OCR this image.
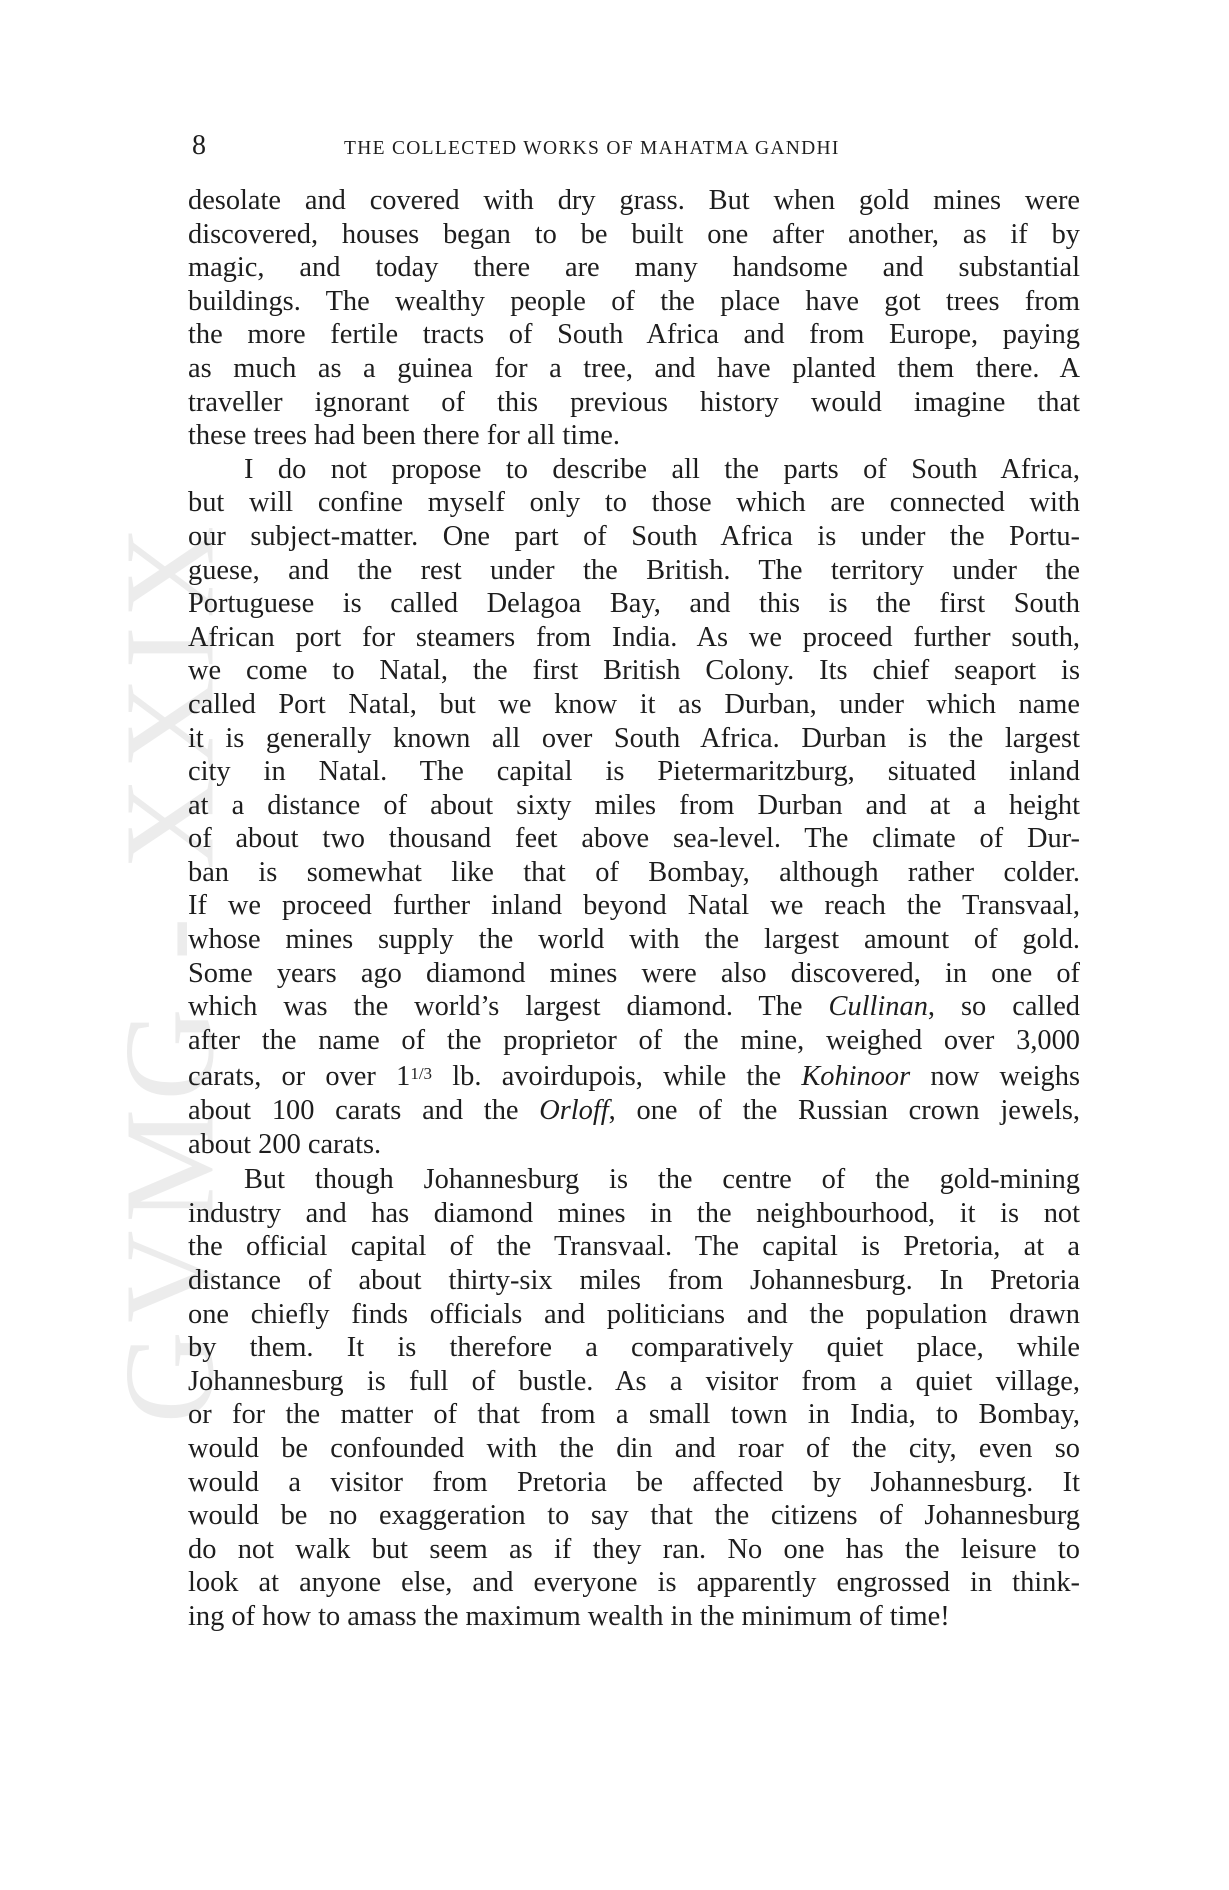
GVMG - XXIX
8	THE COLLECTED WORKS OF MAHATMA GANDHI

desolate and covered with dry grass. But when gold mines were
discovered, houses began to be built one after another, as if by
magic, and today there are many handsome and substantial
buildings. The wealthy people of the place have got trees from
the more fertile tracts of South Africa and from Europe, paying
as much as a guinea for a tree, and have planted them there. A
traveller ignorant of this previous history would imagine that
these trees had been there for all time.

I do not propose to describe all the parts of South Africa,
but will confine myself only to those which are connected with
our subject-matter. One part of South Africa is under the Portu-
guese, and the rest under the British. The territory under the
Portuguese is called Delagoa Bay, and this is the first South
African port for steamers from India. As we proceed further south,
we come to Natal, the first British Colony. Its chief seaport is
called Port Natal, but we know it as Durban, under which name
it is generally known all over South Africa. Durban is the largest
city in Natal. The capital is Pietermaritzburg, situated inland
at a distance of about sixty miles from Durban and at a height
of about two thousand feet above sea-level. The climate of Dur-
ban is somewhat like that of Bombay, although rather colder.
If we proceed further inland beyond Natal we reach the Transvaal,
whose mines supply the world with the largest amount of gold.
Some years ago diamond mines were also discovered, in one of
which was the world’s largest diamond. The Cullinan, so called
after the name of the proprietor of the mine, weighed over 3,000
carats, or over 11/3 lb. avoirdupois, while the Kohinoor now weighs
about 100 carats and the Orloff, one of the Russian crown jewels,
about 200 carats.

But though Johannesburg is the centre of the gold-mining
industry and has diamond mines in the neighbourhood, it is not
the official capital of the Transvaal. The capital is Pretoria, at a
distance of about thirty-six miles from Johannesburg. In Pretoria
one chiefly finds officials and politicians and the population drawn
by them. It is therefore a comparatively quiet place, while
Johannesburg is full of bustle. As a visitor from a quiet village,
or for the matter of that from a small town in India, to Bombay,
would be confounded with the din and roar of the city, even so
would a visitor from Pretoria be affected by Johannesburg. It
would be no exaggeration to say that the citizens of Johannesburg
do not walk but seem as if they ran. No one has the leisure to
look at anyone else, and everyone is apparently engrossed in think-
ing of how to amass the maximum wealth in the minimum of time!
